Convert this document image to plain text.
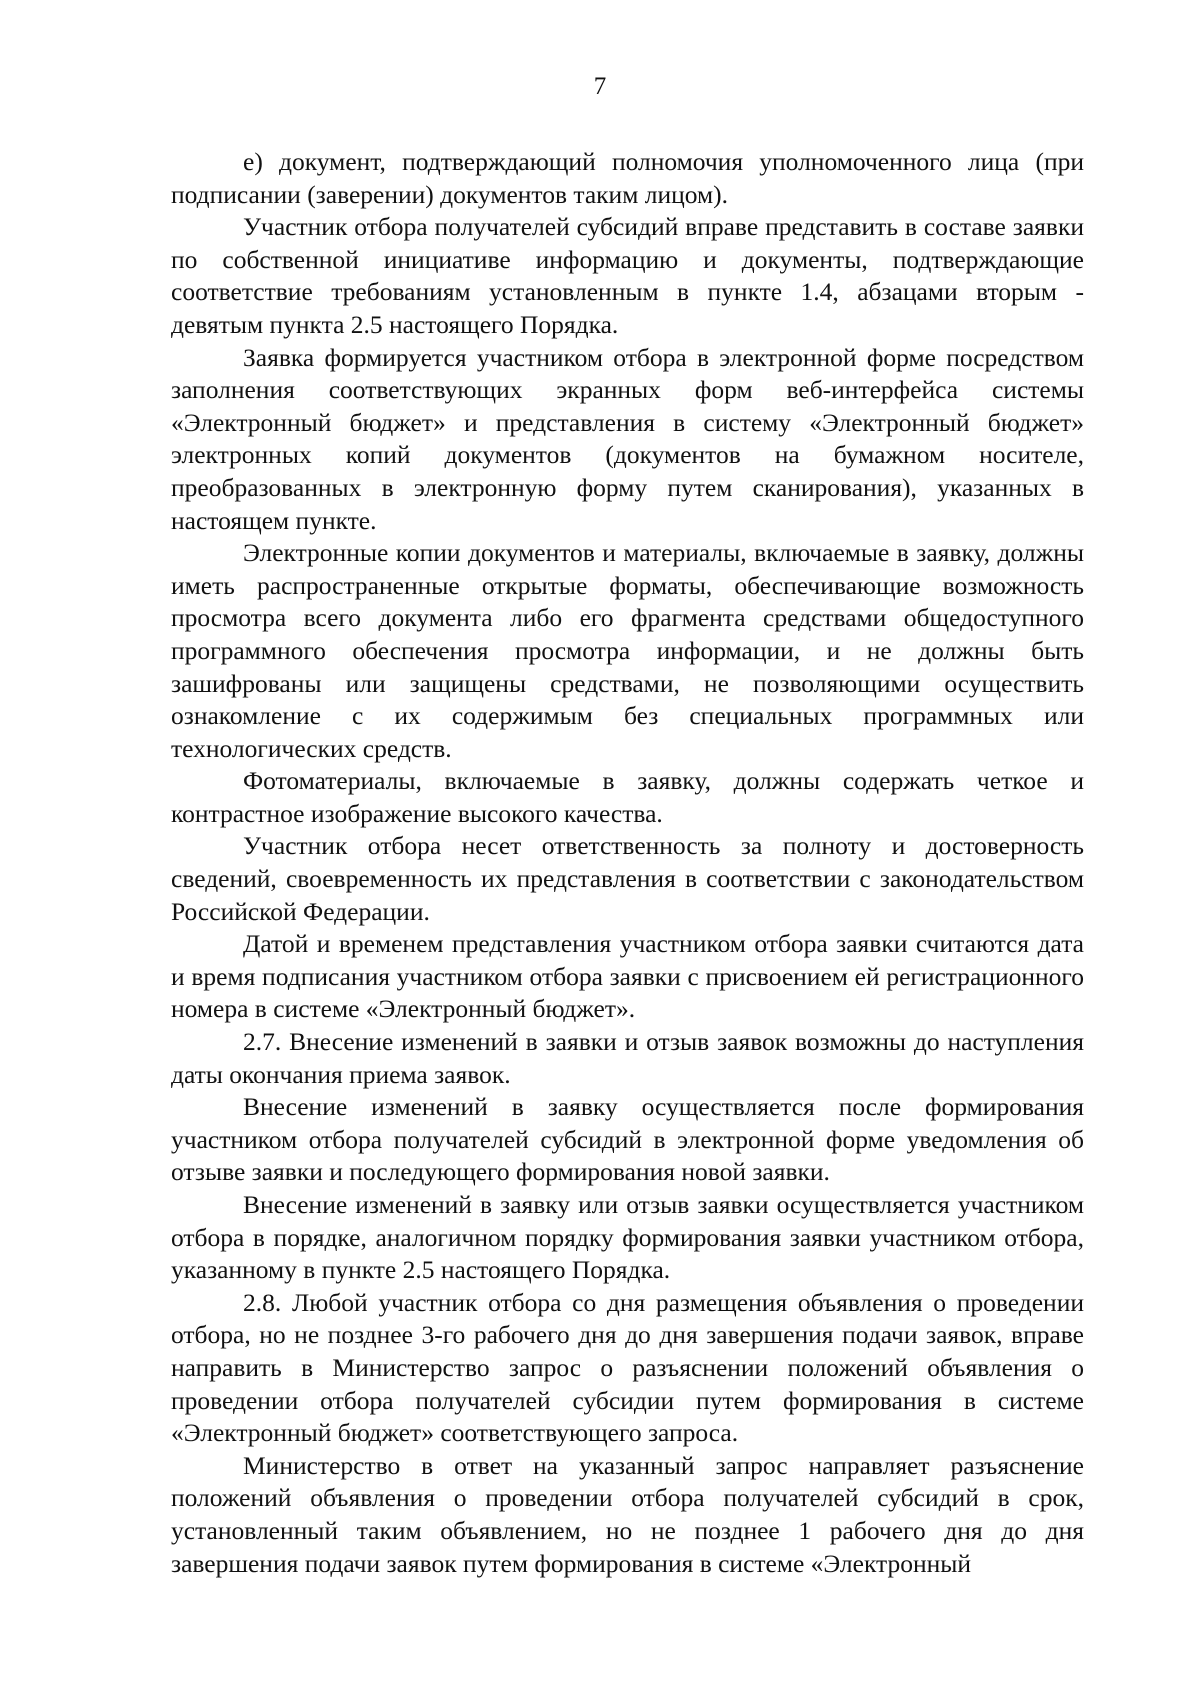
7

е) документ, подтверждающий полномочия уполномоченного лица (при подписании (заверении) документов таким лицом).

Участник отбора получателей субсидий вправе представить в составе заявки по собственной инициативе информацию и документы, подтверждающие соответствие требованиям установленным в пункте 1.4, абзацами вторым - девятым пункта 2.5 настоящего Порядка.

Заявка формируется участником отбора в электронной форме посредством заполнения соответствующих экранных форм веб-интерфейса системы «Электронный бюджет» и представления в систему «Электронный бюджет» электронных копий документов (документов на бумажном носителе, преобразованных в электронную форму путем сканирования), указанных в настоящем пункте.

Электронные копии документов и материалы, включаемые в заявку, должны иметь распространенные открытые форматы, обеспечивающие возможность просмотра всего документа либо его фрагмента средствами общедоступного программного обеспечения просмотра информации, и не должны быть зашифрованы или защищены средствами, не позволяющими осуществить ознакомление с их содержимым без специальных программных или технологических средств.

Фотоматериалы, включаемые в заявку, должны содержать четкое и контрастное изображение высокого качества.

Участник отбора несет ответственность за полноту и достоверность сведений, своевременность их представления в соответствии с законодательством Российской Федерации.

Датой и временем представления участником отбора заявки считаются дата и время подписания участником отбора заявки с присвоением ей регистрационного номера в системе «Электронный бюджет».

2.7. Внесение изменений в заявки и отзыв заявок возможны до наступления даты окончания приема заявок.

Внесение изменений в заявку осуществляется после формирования участником отбора получателей субсидий в электронной форме уведомления об отзыве заявки и последующего формирования новой заявки.

Внесение изменений в заявку или отзыв заявки осуществляется участником отбора в порядке, аналогичном порядку формирования заявки участником отбора, указанному в пункте 2.5 настоящего Порядка.

2.8. Любой участник отбора со дня размещения объявления о проведении отбора, но не позднее 3-го рабочего дня до дня завершения подачи заявок, вправе направить в Министерство запрос о разъяснении положений объявления о проведении отбора получателей субсидии путем формирования в системе «Электронный бюджет» соответствующего запроса.

Министерство в ответ на указанный запрос направляет разъяснение положений объявления о проведении отбора получателей субсидий в срок, установленный таким объявлением, но не позднее 1 рабочего дня до дня завершения подачи заявок путем формирования в системе «Электронный
